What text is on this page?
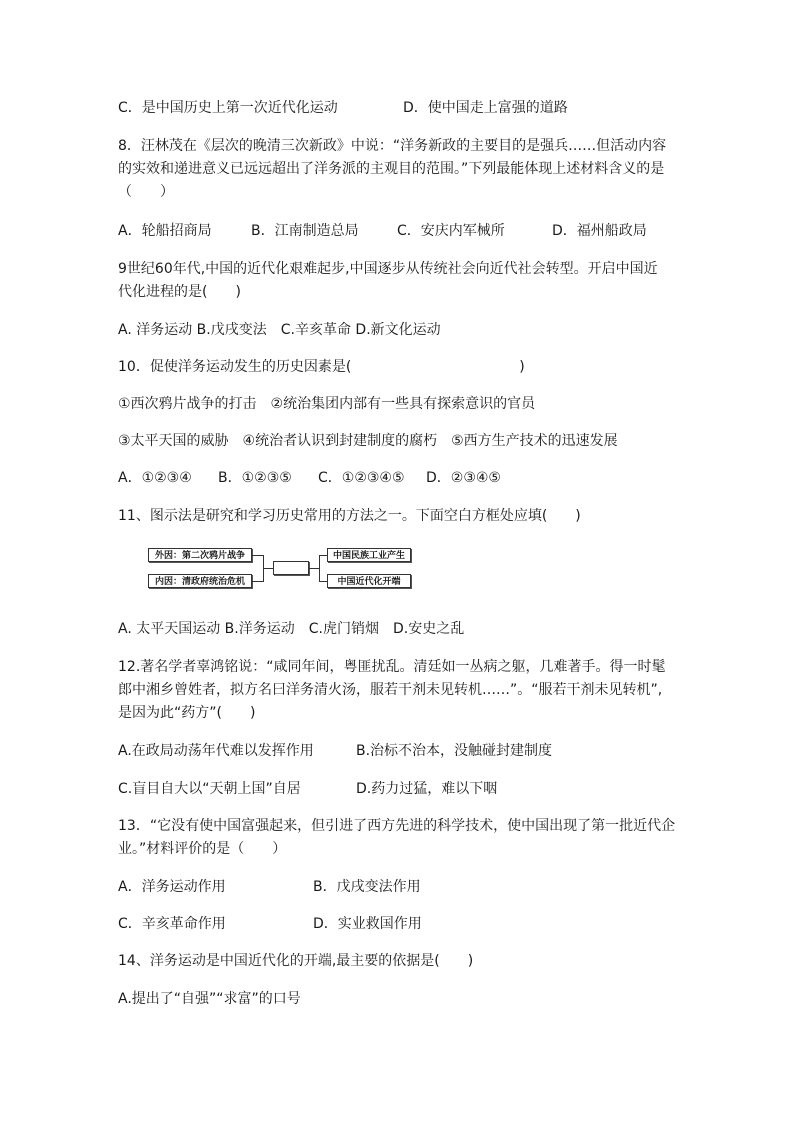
C．是中国历史上第一次近代化运动	D．使中国走上富强的道路
8．汪林茂在《层次的晚清三次新政》中说：“洋务新政的主要目的是强兵……但活动内容
的实效和递进意义已远远超出了洋务派的主观目的范围。”下列最能体现上述材料含义的是
（　　）
A．轮船招商局	B．江南制造总局	C．安庆内军械所	D．福州船政局
9世纪60年代,中国的近代化艰难起步,中国逐步从传统社会向近代社会转型。开启中国近
代化进程的是(　　)
A. 洋务运动 B.戊戌变法　C.辛亥革命 D.新文化运动
10．促使洋务运动发生的历史因素是(　　　　　　　　　　　　)
①西次鸦片战争的打击　②统治集团内部有一些具有探索意识的官员
③太平天国的威胁　④统治者认识到封建制度的腐朽　⑤西方生产技术的迅速发展
A．①②③④ B．①②③⑤ C．①②③④⑤ D．②③④⑤
11、图示法是研究和学习历史常用的方法之一。下面空白方框处应填(　　)
外因：第二次鸦片战争
内因：清政府统治危机
中国民族工业产生
中国近代化开端
A. 太平天国运动 B.洋务运动　C.虎门销烟　D.安史之乱
12.著名学者辜鸿铭说：“咸同年间，粤匪扰乱。清廷如一丛病之躯，几难著手。得一时髦
郎中湘乡曾姓者，拟方名曰洋务清火汤，服若干剂未见转机……”。“服若干剂未见转机”,
是因为此“药方”(　　)
A.在政局动荡年代难以发挥作用	B.治标不治本，没触碰封建制度
C.盲目自大以“天朝上国”自居	D.药力过猛，难以下咽
13．“它没有使中国富强起来，但引进了西方先进的科学技术，使中国出现了第一批近代企
业。”材料评价的是（　　）
A．洋务运动作用	B．戊戌变法作用
C．辛亥革命作用	D．实业救国作用
14、洋务运动是中国近代化的开端,最主要的依据是(　　)
A.提出了“自强”“求富”的口号
